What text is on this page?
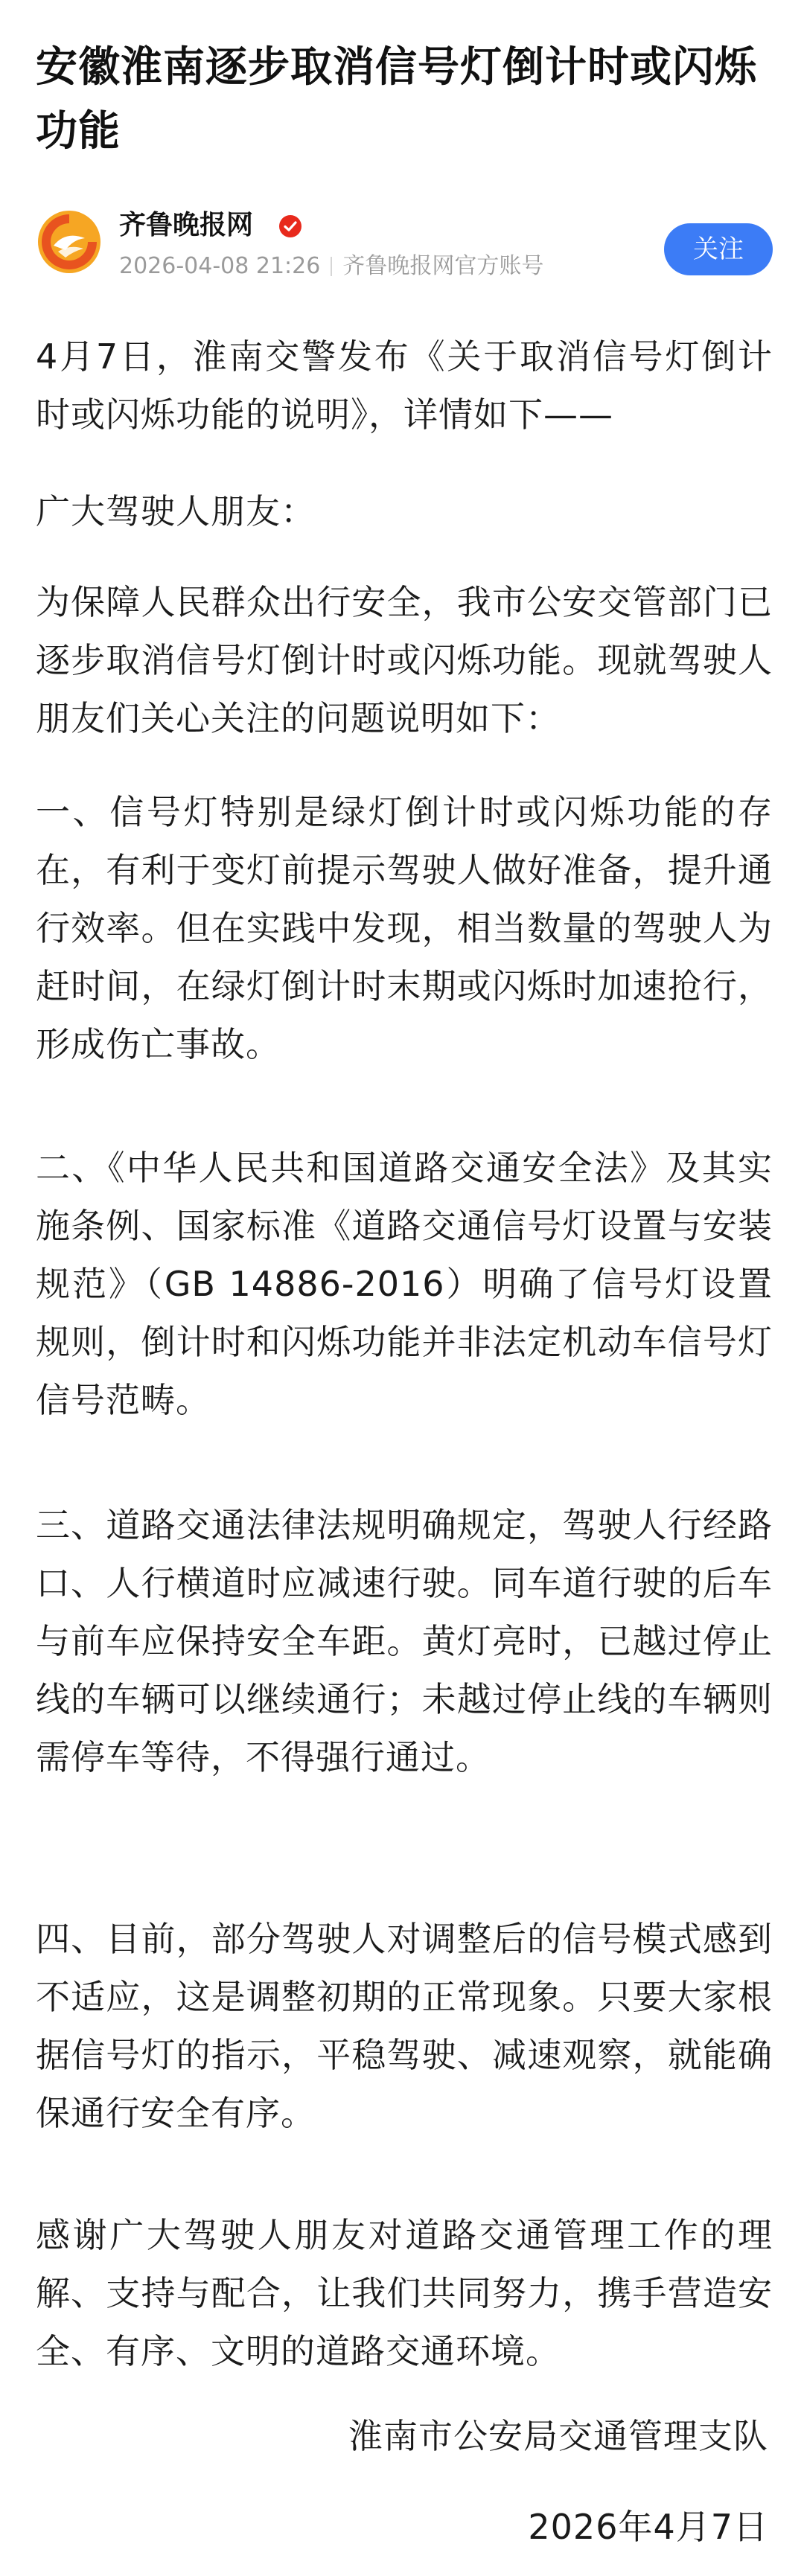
安徽淮南逐步取消信号灯倒计时或闪烁功能
齐鲁晚报网
2026-04-08 21:26 齐鲁晚报网官方账号
关注

4月7日，淮南交警发布《关于取消信号灯倒计时或闪烁功能的说明》，详情如下——

广大驾驶人朋友：

为保障人民群众出行安全，我市公安交管部门已逐步取消信号灯倒计时或闪烁功能。现就驾驶人朋友们关心关注的问题说明如下：

一、信号灯特别是绿灯倒计时或闪烁功能的存在，有利于变灯前提示驾驶人做好准备，提升通行效率。但在实践中发现，相当数量的驾驶人为赶时间，在绿灯倒计时末期或闪烁时加速抢行，形成伤亡事故。

二、《中华人民共和国道路交通安全法》及其实施条例、国家标准《道路交通信号灯设置与安装规范》（GB 14886-2016）明确了信号灯设置规则，倒计时和闪烁功能并非法定机动车信号灯信号范畴。

三、道路交通法律法规明确规定，驾驶人行经路口、人行横道时应减速行驶。同车道行驶的后车与前车应保持安全车距。黄灯亮时，已越过停止线的车辆可以继续通行；未越过停止线的车辆则需停车等待，不得强行通过。

四、目前，部分驾驶人对调整后的信号模式感到不适应，这是调整初期的正常现象。只要大家根据信号灯的指示，平稳驾驶、减速观察，就能确保通行安全有序。

感谢广大驾驶人朋友对道路交通管理工作的理解、支持与配合，让我们共同努力，携手营造安全、有序、文明的道路交通环境。

淮南市公安局交通管理支队
2026年4月7日
